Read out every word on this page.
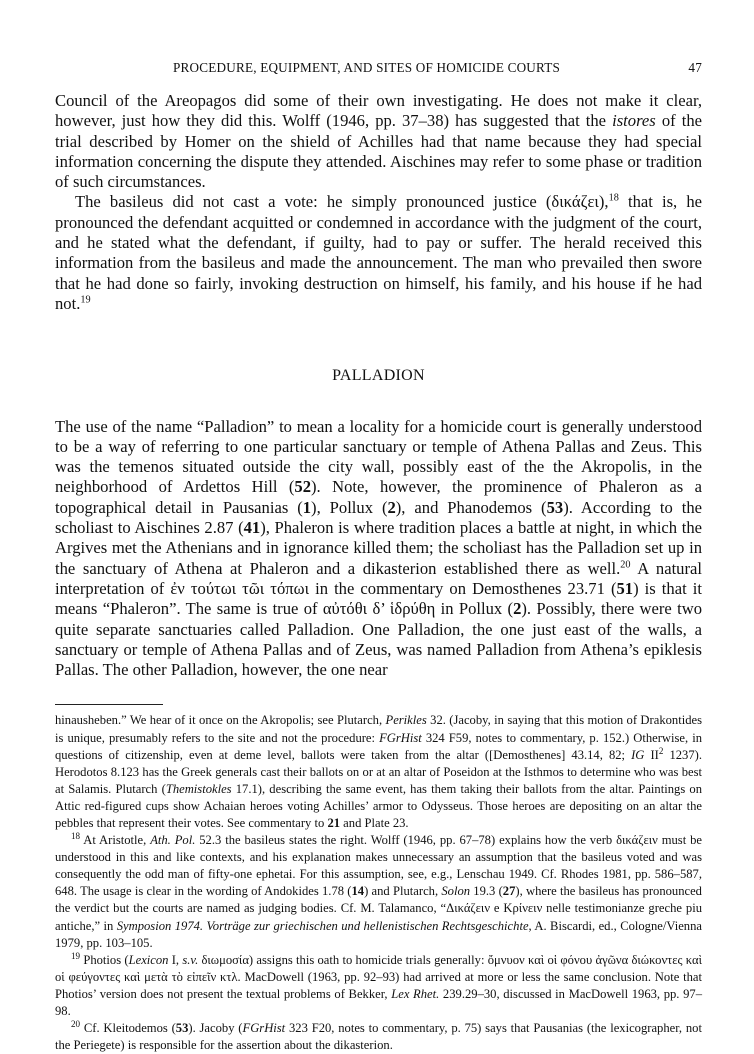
PROCEDURE, EQUIPMENT, AND SITES OF HOMICIDE COURTS	47

Council of the Areopagos did some of their own investigating. He does not make it clear, however, just how they did this. Wolff (1946, pp. 37–38) has suggested that the istores of the trial described by Homer on the shield of Achilles had that name because they had special information concerning the dispute they attended. Aischines may refer to some phase or tradition of such circumstances.

The basileus did not cast a vote: he simply pronounced justice (δικάζει),$^{18}$ that is, he pronounced the defendant acquitted or condemned in accordance with the judgment of the court, and he stated what the defendant, if guilty, had to pay or suffer. The herald received this information from the basileus and made the announcement. The man who prevailed then swore that he had done so fairly, invoking destruction on himself, his family, and his house if he had not.$^{19}$

PALLADION

The use of the name “Palladion” to mean a locality for a homicide court is generally understood to be a way of referring to one particular sanctuary or temple of Athena Pallas and Zeus. This was the temenos situated outside the city wall, possibly east of the the Akropolis, in the neighborhood of Ardettos Hill (52). Note, however, the prominence of Phaleron as a topographical detail in Pausanias (1), Pollux (2), and Phanodemos (53). According to the scholiast to Aischines 2.87 (41), Phaleron is where tradition places a battle at night, in which the Argives met the Athenians and in ignorance killed them; the scholiast has the Palladion set up in the sanctuary of Athena at Phaleron and a dikasterion established there as well.$^{20}$ A natural interpretation of ἐν τούτωι τῶι τόπωι in the commentary on Demosthenes 23.71 (51) is that it means “Phaleron”. The same is true of αὐτόθι δ’ ἱδρύθη in Pollux (2). Possibly, there were two quite separate sanctuaries called Palladion. One Palladion, the one just east of the walls, a sanctuary or temple of Athena Pallas and of Zeus, was named Palladion from Athena’s epiklesis Pallas. The other Palladion, however, the one near

hinausheben.” We hear of it once on the Akropolis; see Plutarch, Perikles 32. (Jacoby, in saying that this motion of Drakontides is unique, presumably refers to the site and not the procedure: FGrHist 324 F59, notes to commentary, p. 152.) Otherwise, in questions of citizenship, even at deme level, ballots were taken from the altar ([Demosthenes] 43.14, 82; IG II$^2$ 1237). Herodotos 8.123 has the Greek generals cast their ballots on or at an altar of Poseidon at the Isthmos to determine who was best at Salamis. Plutarch (Themistokles 17.1), describing the same event, has them taking their ballots from the altar. Paintings on Attic red-figured cups show Achaian heroes voting Achilles’ armor to Odysseus. Those heroes are depositing on an altar the pebbles that represent their votes. See commentary to 21 and Plate 23.

$^{18}$ At Aristotle, Ath. Pol. 52.3 the basileus states the right. Wolff (1946, pp. 67–78) explains how the verb δικάζειν must be understood in this and like contexts, and his explanation makes unnecessary an assumption that the basileus voted and was consequently the odd man of fifty-one ephetai. For this assumption, see, e.g., Lenschau 1949. Cf. Rhodes 1981, pp. 586–587, 648. The usage is clear in the wording of Andokides 1.78 (14) and Plutarch, Solon 19.3 (27), where the basileus has pronounced the verdict but the courts are named as judging bodies. Cf. M. Talamanco, “Δικάζειν e Κρίνειν nelle testimonianze greche piu antiche,” in Symposion 1974. Vorträge zur griechischen und hellenistischen Rechtsgeschichte, A. Biscardi, ed., Cologne/Vienna 1979, pp. 103–105.

$^{19}$ Photios (Lexicon I, s.v. διωμοσία) assigns this oath to homicide trials generally: ὄμνυον καὶ οἱ φόνου ἀγῶνα διώκοντες καὶ οἱ φεύγοντες καὶ μετὰ τὸ εἰπεῖν κτλ. MacDowell (1963, pp. 92–93) had arrived at more or less the same conclusion. Note that Photios’ version does not present the textual problems of Bekker, Lex Rhet. 239.29–30, discussed in MacDowell 1963, pp. 97–98.

$^{20}$ Cf. Kleitodemos (53). Jacoby (FGrHist 323 F20, notes to commentary, p. 75) says that Pausanias (the lexicographer, not the Periegete) is responsible for the assertion about the dikasterion.
